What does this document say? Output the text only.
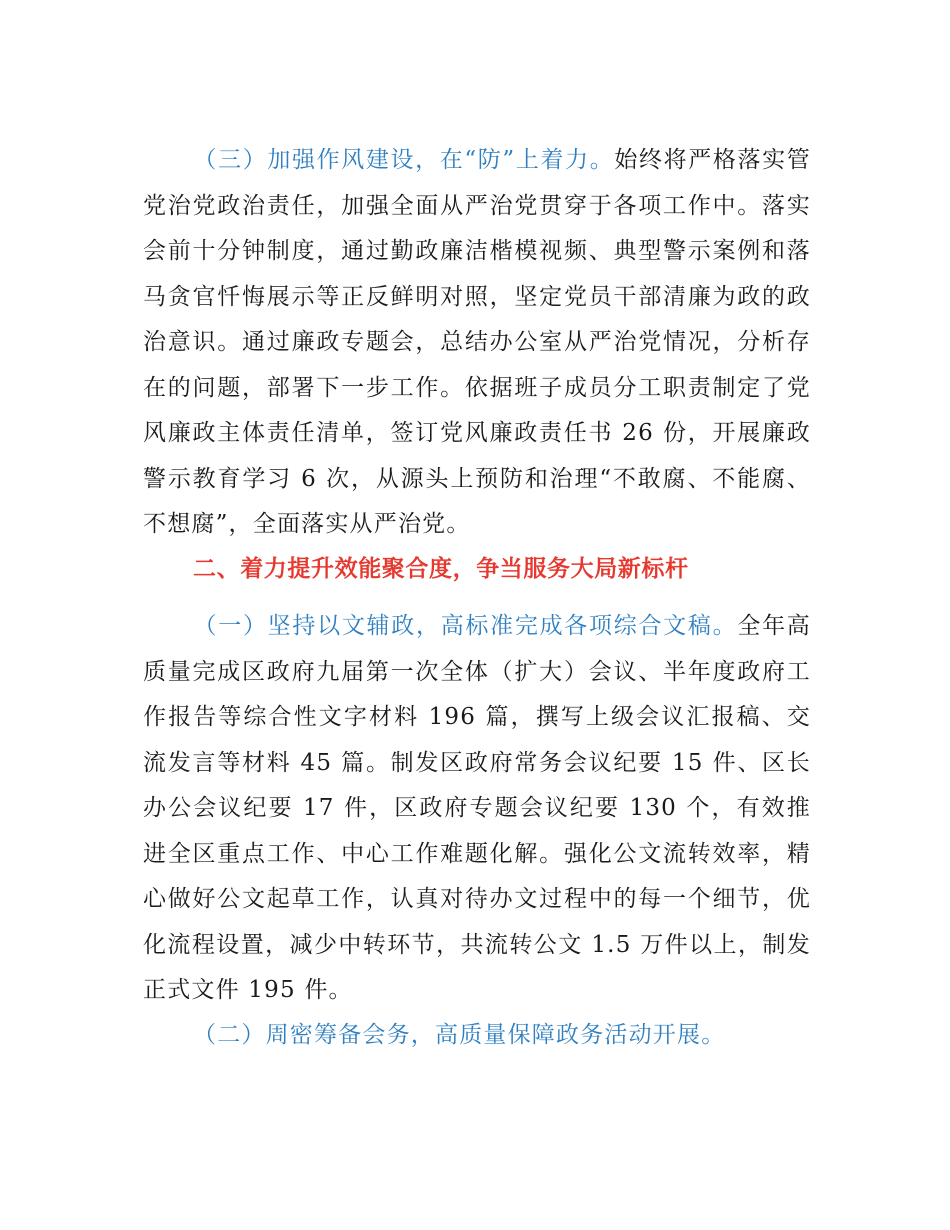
（三）加强作风建设，在“防”上着力。始终将严格落实管党治党政治责任，加强全面从严治党贯穿于各项工作中。落实会前十分钟制度，通过勤政廉洁楷模视频、典型警示案例和落马贪官忏悔展示等正反鲜明对照，坚定党员干部清廉为政的政治意识。通过廉政专题会，总结办公室从严治党情况，分析存在的问题，部署下一步工作。依据班子成员分工职责制定了党风廉政主体责任清单，签订党风廉政责任书 26 份，开展廉政警示教育学习 6 次，从源头上预防和治理“不敢腐、不能腐、不想腐”，全面落实从严治党。

二、着力提升效能聚合度，争当服务大局新标杆

（一）坚持以文辅政，高标准完成各项综合文稿。全年高质量完成区政府九届第一次全体（扩大）会议、半年度政府工作报告等综合性文字材料 196 篇，撰写上级会议汇报稿、交流发言等材料 45 篇。制发区政府常务会议纪要 15 件、区长办公会议纪要 17 件，区政府专题会议纪要 130 个，有效推进全区重点工作、中心工作难题化解。强化公文流转效率，精心做好公文起草工作，认真对待办文过程中的每一个细节，优化流程设置，减少中转环节，共流转公文 1.5 万件以上，制发正式文件 195 件。

（二）周密筹备会务，高质量保障政务活动开展。
